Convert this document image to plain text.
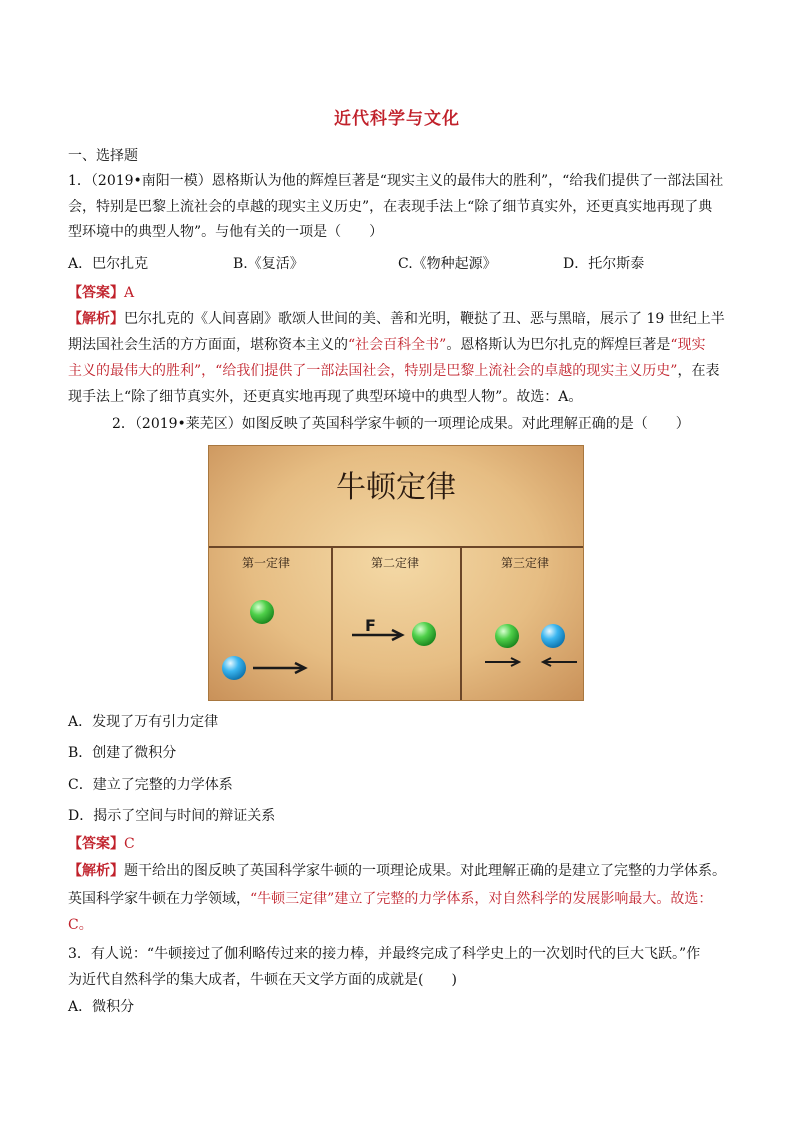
近代科学与文化
一、选择题
1．（2019•南阳一模）恩格斯认为他的辉煌巨著是“现实主义的最伟大的胜利”，“给我们提供了一部法国社
会，特别是巴黎上流社会的卓越的现实主义历史”，在表现手法上“除了细节真实外，还更真实地再现了典
型环境中的典型人物”。与他有关的一项是（　　）
A．巴尔扎克	B.《复活》	C.《物种起源》	D．托尔斯泰
【答案】A
【解析】巴尔扎克的《人间喜剧》歌颂人世间的美、善和光明，鞭挞了丑、恶与黑暗，展示了 19 世纪上半
期法国社会生活的方方面面，堪称资本主义的“社会百科全书”。恩格斯认为巴尔扎克的辉煌巨著是“现实
主义的最伟大的胜利”，“给我们提供了一部法国社会，特别是巴黎上流社会的卓越的现实主义历史”，在表
现手法上“除了细节真实外，还更真实地再现了典型环境中的典型人物”。故选：A。
2．（2019•莱芜区）如图反映了英国科学家牛顿的一项理论成果。对此理解正确的是（　　）
牛顿定律
第一定律	第二定律	第三定律
F
A．发现了万有引力定律
B．创建了微积分
C．建立了完整的力学体系
D．揭示了空间与时间的辩证关系
【答案】C
【解析】题干给出的图反映了英国科学家牛顿的一项理论成果。对此理解正确的是建立了完整的力学体系。
英国科学家牛顿在力学领域，“牛顿三定律”建立了完整的力学体系，对自然科学的发展影响最大。故选：
C。
3．有人说：“牛顿接过了伽利略传过来的接力棒，并最终完成了科学史上的一次划时代的巨大飞跃。”作
为近代自然科学的集大成者，牛顿在天文学方面的成就是(　　)
A．微积分
